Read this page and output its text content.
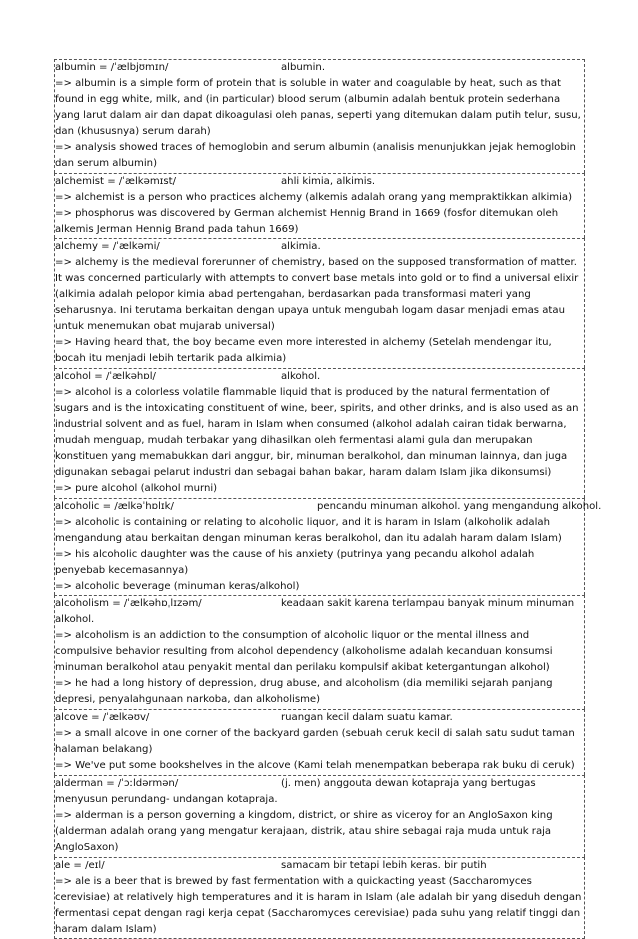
albumin = /ˈælbjʊmɪn/	albumin.
=> albumin is a simple form of protein that is soluble in water and coagulable by heat, such as that found in egg white, milk, and (in particular) blood serum (albumin adalah bentuk protein sederhana yang larut dalam air dan dapat dikoagulasi oleh panas, seperti yang ditemukan dalam putih telur, susu, dan (khususnya) serum darah)
=> analysis showed traces of hemoglobin and serum albumin (analisis menunjukkan jejak hemoglobin dan serum albumin)
alchemist = /ˈælkəmɪst/	ahli kimia, alkimis.
=> alchemist is a person who practices alchemy (alkemis adalah orang yang mempraktikkan alkimia)
=> phosphorus was discovered by German alchemist Hennig Brand in 1669 (fosfor ditemukan oleh alkemis Jerman Hennig Brand pada tahun 1669)
alchemy = /ˈælkəmi/	alkimia.
=> alchemy is the medieval forerunner of chemistry, based on the supposed transformation of matter. It was concerned particularly with attempts to convert base metals into gold or to find a universal elixir (alkimia adalah pelopor kimia abad pertengahan, berdasarkan pada transformasi materi yang seharusnya. Ini terutama berkaitan dengan upaya untuk mengubah logam dasar menjadi emas atau untuk menemukan obat mujarab universal)
=> Having heard that, the boy became even more interested in alchemy (Setelah mendengar itu, bocah itu menjadi lebih tertarik pada alkimia)
alcohol = /ˈælkəhɒl/	alkohol.
=> alcohol is a colorless volatile flammable liquid that is produced by the natural fermentation of sugars and is the intoxicating constituent of wine, beer, spirits, and other drinks, and is also used as an industrial solvent and as fuel, haram in Islam when consumed (alkohol adalah cairan tidak berwarna, mudah menguap, mudah terbakar yang dihasilkan oleh fermentasi alami gula dan merupakan konstituen yang memabukkan dari anggur, bir, minuman beralkohol, dan minuman lainnya, dan juga digunakan sebagai pelarut industri dan sebagai bahan bakar, haram dalam Islam jika dikonsumsi)
=> pure alcohol (alkohol murni)
alcoholic = /ælkəˈhɒlɪk/	pencandu minuman alkohol. yang mengandung alkohol.
=> alcoholic is containing or relating to alcoholic liquor, and it is haram in Islam (alkoholik adalah mengandung atau berkaitan dengan minuman keras beralkohol, dan itu adalah haram dalam Islam)
=> his alcoholic daughter was the cause of his anxiety (putrinya yang pecandu alkohol adalah penyebab kecemasannya)
=> alcoholic beverage (minuman keras/alkohol)
alcoholism = /ˈælkəhɒˌlɪzəm/	keadaan sakit karena terlampau banyak minum minuman alkohol.
=> alcoholism is an addiction to the consumption of alcoholic liquor or the mental illness and compulsive behavior resulting from alcohol dependency (alkoholisme adalah kecanduan konsumsi minuman beralkohol atau penyakit mental dan perilaku kompulsif akibat ketergantungan alkohol)
=> he had a long history of depression, drug abuse, and alcoholism (dia memiliki sejarah panjang depresi, penyalahgunaan narkoba, dan alkoholisme)
alcove = /ˈælkəʊv/	ruangan kecil dalam suatu kamar.
=> a small alcove in one corner of the backyard garden (sebuah ceruk kecil di salah satu sudut taman halaman belakang)
=> We've put some bookshelves in the alcove (Kami telah menempatkan beberapa rak buku di ceruk)
alderman = /ˈɔːldərmən/	(j. men) anggouta dewan kotapraja yang bertugas menyusun perundang- undangan kotapraja.
=> alderman is a person governing a kingdom, district, or shire as viceroy for an AngloSaxon king (alderman adalah orang yang mengatur kerajaan, distrik, atau shire sebagai raja muda untuk raja AngloSaxon)
ale = /eɪl/	samacam bir tetapi lebih keras. bir putih
=> ale is a beer that is brewed by fast fermentation with a quickacting yeast (Saccharomyces cerevisiae) at relatively high temperatures and it is haram in Islam (ale adalah bir yang diseduh dengan fermentasi cepat dengan ragi kerja cepat (Saccharomyces cerevisiae) pada suhu yang relatif tinggi dan haram dalam Islam)
